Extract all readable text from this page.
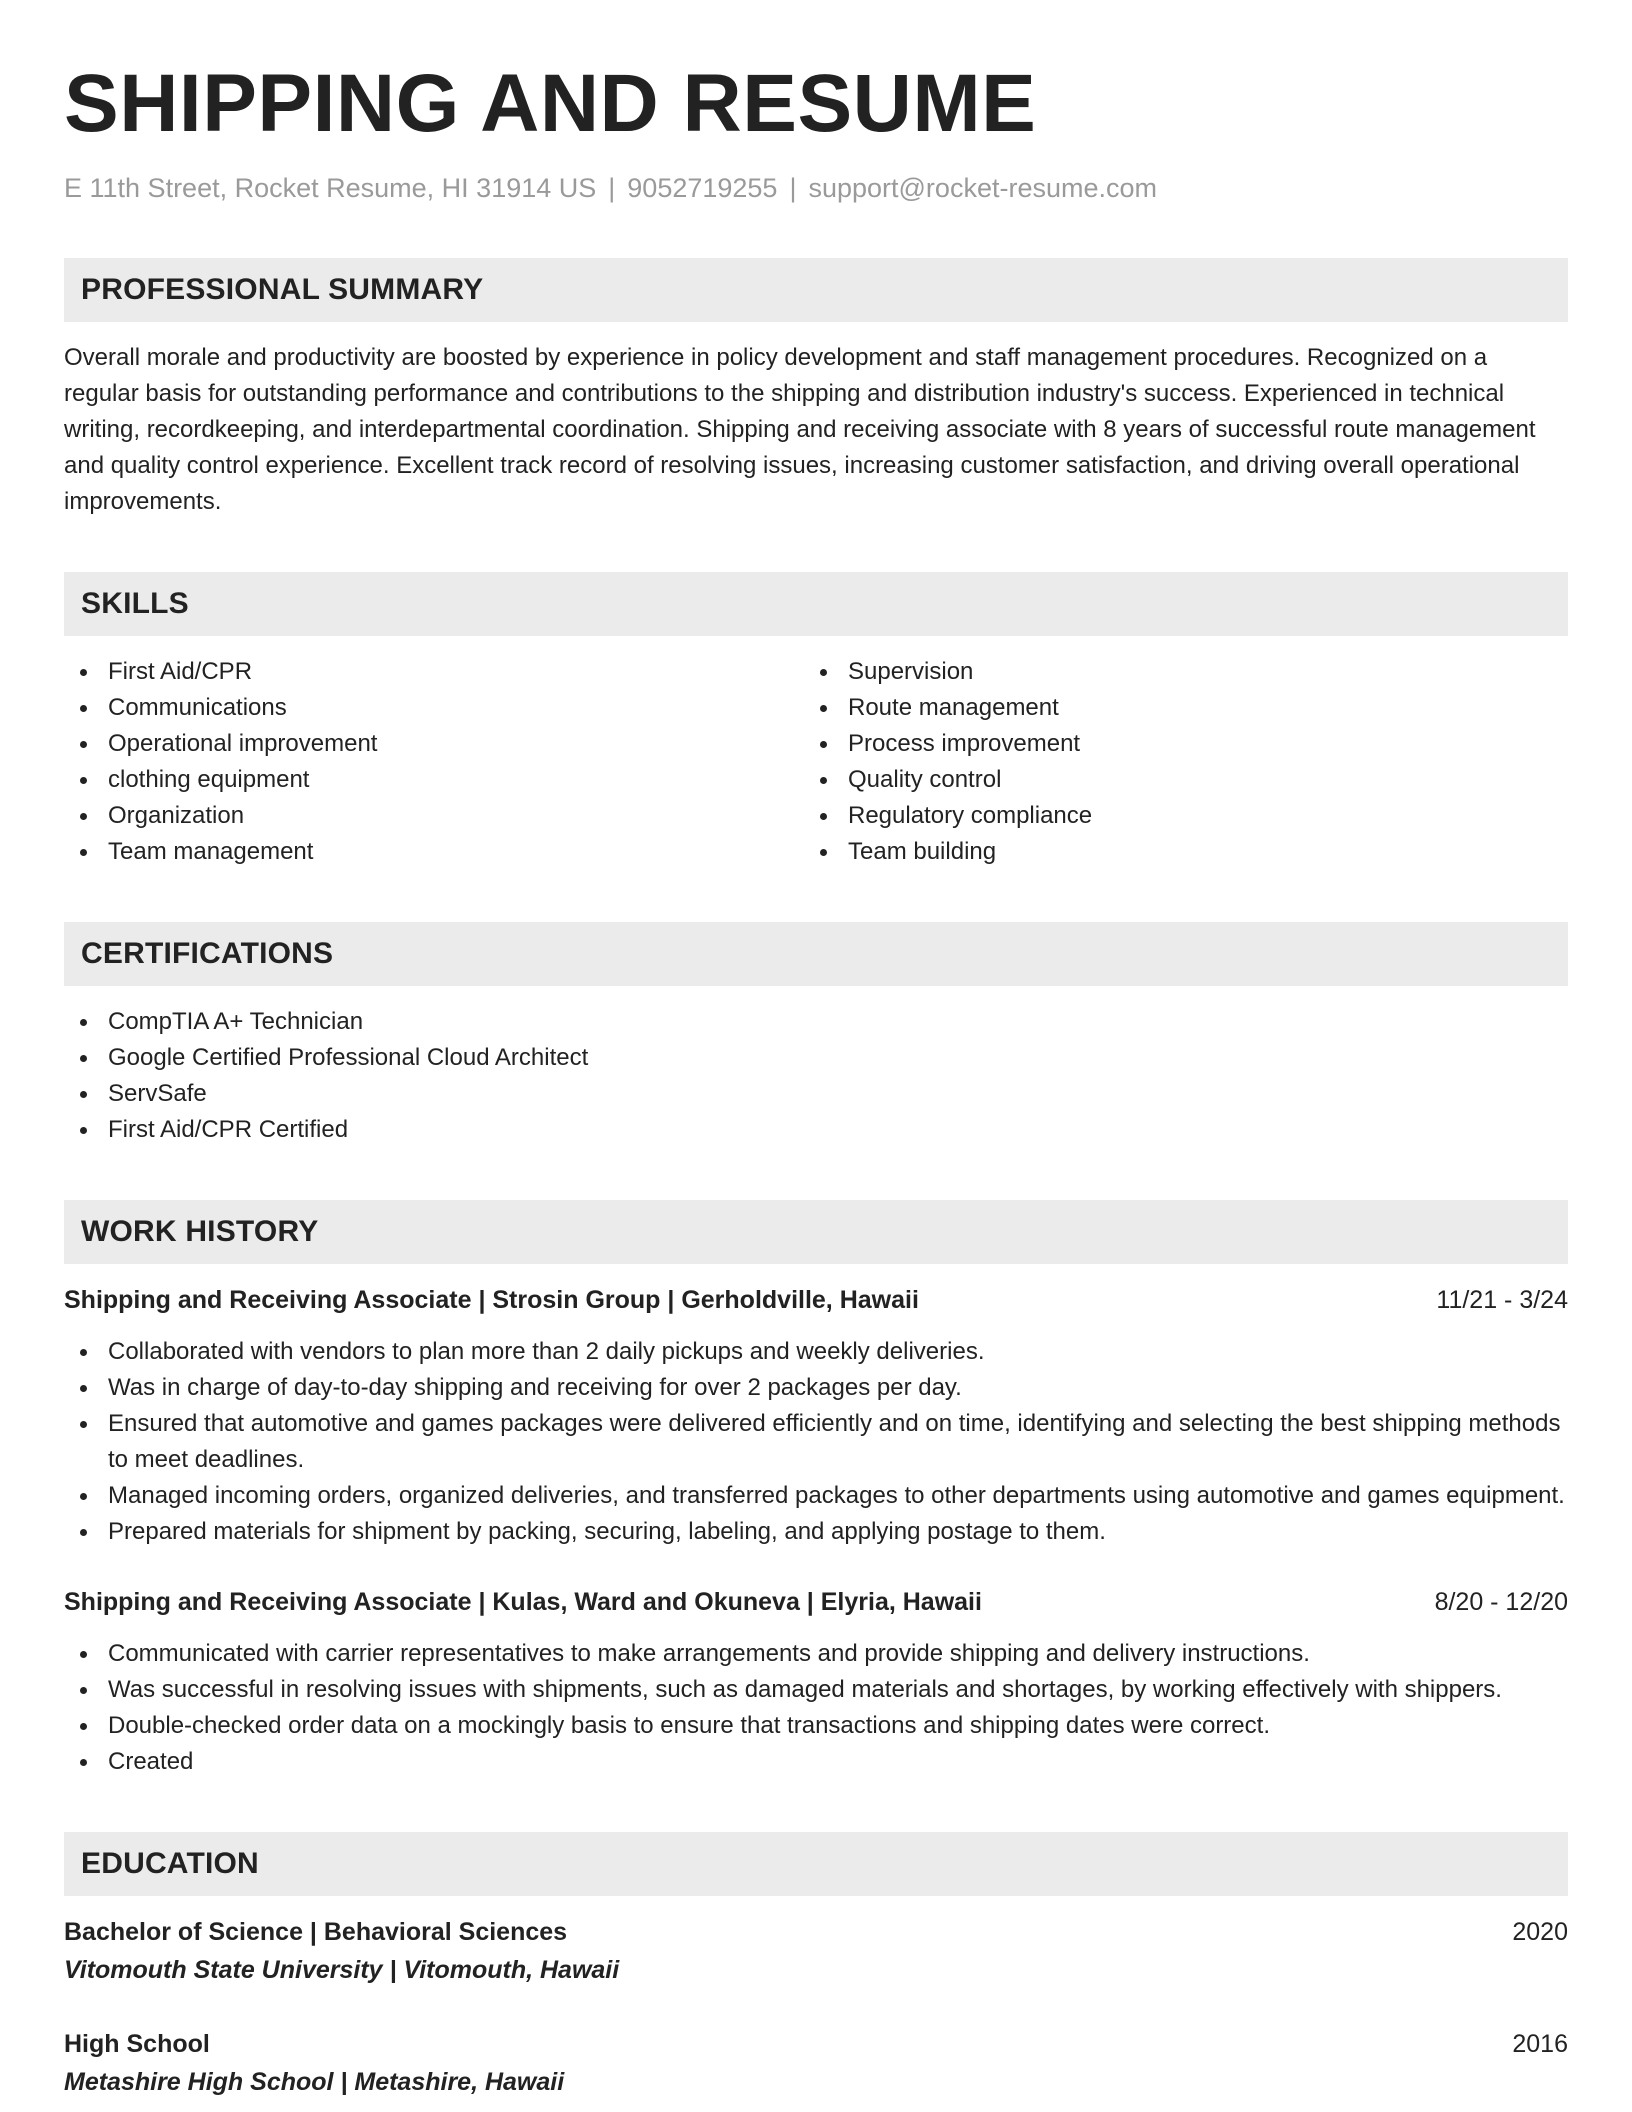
SHIPPING AND RESUME
E 11th Street, Rocket Resume, HI 31914 US | 9052719255 | support@rocket-resume.com
PROFESSIONAL SUMMARY

Overall morale and productivity are boosted by experience in policy development and staff management procedures. Recognized on a regular basis for outstanding performance and contributions to the shipping and distribution industry's success. Experienced in technical writing, recordkeeping, and interdepartmental coordination. Shipping and receiving associate with 8 years of successful route management and quality control experience. Excellent track record of resolving issues, increasing customer satisfaction, and driving overall operational improvements.

SKILLS
First Aid/CPR
Communications
Operational improvement
clothing equipment
Organization
Team management
Supervision
Route management
Process improvement
Quality control
Regulatory compliance
Team building
CERTIFICATIONS
CompTIA A+ Technician
Google Certified Professional Cloud Architect
ServSafe
First Aid/CPR Certified
WORK HISTORY
Shipping and Receiving Associate | Strosin Group | Gerholdville, Hawaii	11/21 - 3/24
Collaborated with vendors to plan more than 2 daily pickups and weekly deliveries.
Was in charge of day-to-day shipping and receiving for over 2 packages per day.
Ensured that automotive and games packages were delivered efficiently and on time, identifying and selecting the best shipping methods to meet deadlines.
Managed incoming orders, organized deliveries, and transferred packages to other departments using automotive and games equipment.
Prepared materials for shipment by packing, securing, labeling, and applying postage to them.
Shipping and Receiving Associate | Kulas, Ward and Okuneva | Elyria, Hawaii	8/20 - 12/20
Communicated with carrier representatives to make arrangements and provide shipping and delivery instructions.
Was successful in resolving issues with shipments, such as damaged materials and shortages, by working effectively with shippers.
Double-checked order data on a mockingly basis to ensure that transactions and shipping dates were correct.
Created
EDUCATION
Bachelor of Science | Behavioral Sciences	2020
Vitomouth State University | Vitomouth, Hawaii
High School	2016
Metashire High School | Metashire, Hawaii
